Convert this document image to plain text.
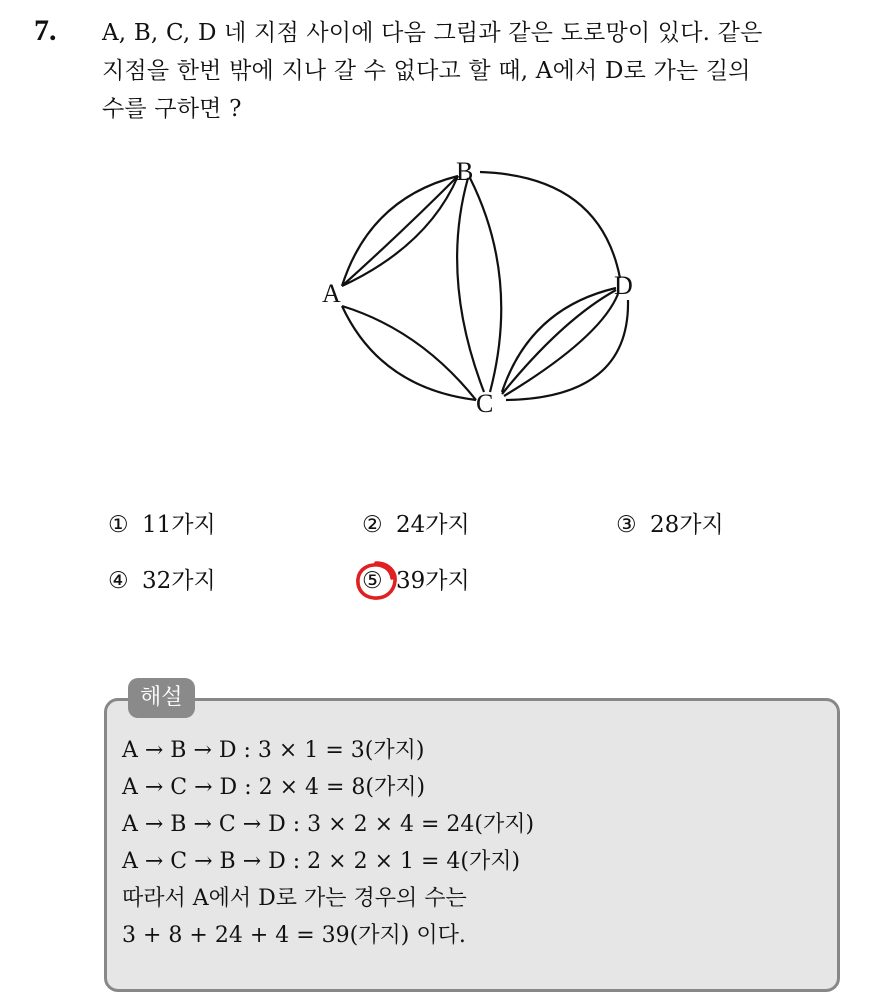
7. A, B, C, D 네 지점 사이에 다음 그림과 같은 도로망이 있다. 같은
지점을 한번 밖에 지나 갈 수 없다고 할 때, A에서 D로 가는 길의
수를 구하면 ?
A
B
C
D
① 11가지	② 24가지	③ 28가지
④ 32가지	⑤ 39가지
해설
A → B → D : 3 × 1 = 3(가지)
A → C → D : 2 × 4 = 8(가지)
A → B → C → D : 3 × 2 × 4 = 24(가지)
A → C → B → D : 2 × 2 × 1 = 4(가지)
따라서 A에서 D로 가는 경우의 수는
3 + 8 + 24 + 4 = 39(가지) 이다.
